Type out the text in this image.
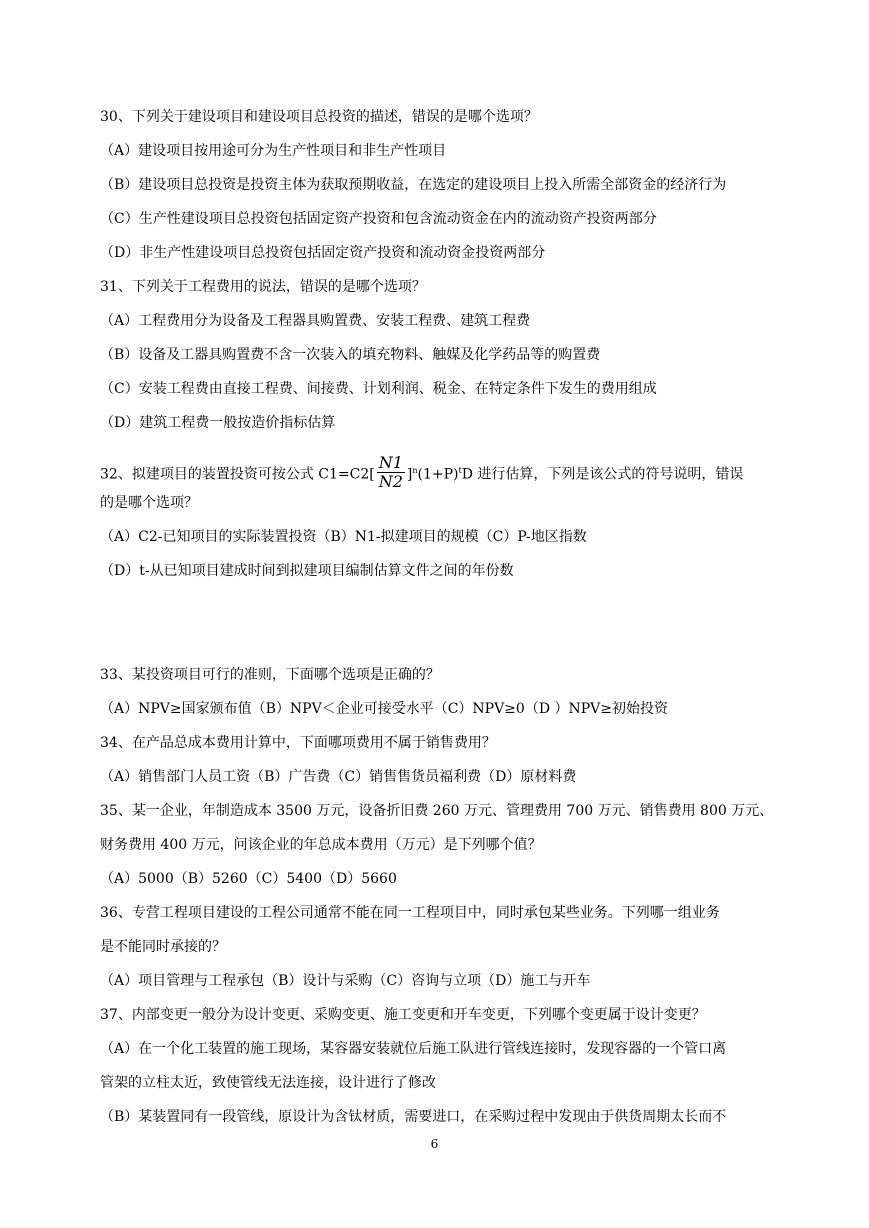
30、下列关于建设项目和建设项目总投资的描述，错误的是哪个选项？
（A）建设项目按用途可分为生产性项目和非生产性项目
（B）建设项目总投资是投资主体为获取预期收益，在选定的建设项目上投入所需全部资金的经济行为
（C）生产性建设项目总投资包括固定资产投资和包含流动资金在内的流动资产投资两部分
（D）非生产性建设项目总投资包括固定资产投资和流动资金投资两部分
31、下列关于工程费用的说法，错误的是哪个选项？
（A）工程费用分为设备及工程器具购置费、安装工程费、建筑工程费
（B）设备及工器具购置费不含一次装入的填充物料、触媒及化学药品等的购置费
（C）安装工程费由直接工程费、间接费、计划利润、税金、在特定条件下发生的费用组成
（D）建筑工程费一般按造价指标估算
32、拟建项目的装置投资可按公式 $C1=C2[ \frac{N1}{N2} ]^n(1+P)^tD$ 进行估算，下列是该公式的符号说明，错误
的是哪个选项？
（A）C2-已知项目的实际装置投资（B）N1-拟建项目的规模（C）P-地区指数
（D）t-从已知项目建成时间到拟建项目编制估算文件之间的年份数
33、某投资项目可行的准则，下面哪个选项是正确的？
（A）NPV≥国家颁布值（B）NPV＜企业可接受水平（C）NPV≥0（D ）NPV≥初始投资
34、在产品总成本费用计算中，下面哪项费用不属于销售费用？
（A）销售部门人员工资（B）广告费（C）销售售货员福利费（D）原材料费
35、某一企业，年制造成本 3500 万元，设备折旧费 260 万元、管理费用 700 万元、销售费用 800 万元、
财务费用 400 万元，问该企业的年总成本费用（万元）是下列哪个值？
（A）5000（B）5260（C）5400（D）5660
36、专营工程项目建设的工程公司通常不能在同一工程项目中，同时承包某些业务。下列哪一组业务
是不能同时承接的？
（A）项目管理与工程承包（B）设计与采购（C）咨询与立项（D）施工与开车
37、内部变更一般分为设计变更、采购变更、施工变更和开车变更，下列哪个变更属于设计变更？
（A）在一个化工装置的施工现场，某容器安装就位后施工队进行管线连接时，发现容器的一个管口离
管架的立柱太近，致使管线无法连接，设计进行了修改
（B）某装置同有一段管线，原设计为含钛材质，需要进口，在采购过程中发现由于供货周期太长而不
6
